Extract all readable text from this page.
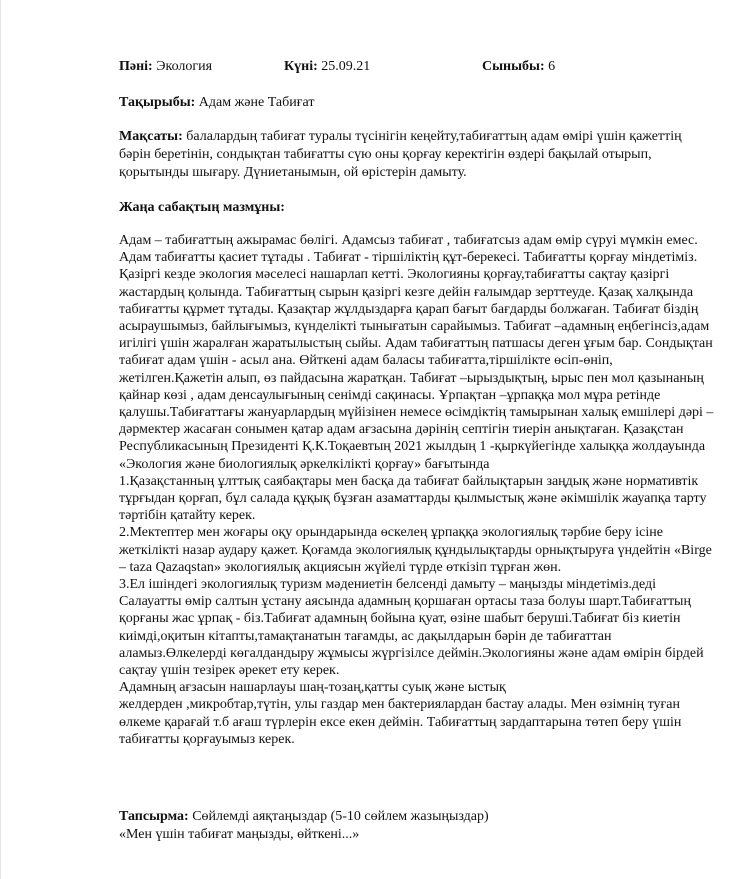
Пәні: Экология	Күні: 25.09.21	Сыныбы: 6
Тақырыбы: Адам және Табиғат
Мақсаты: балалардың табиғат туралы түсінігін кеңейту,табиғаттың адам өмірі үшін қажеттің бәрін беретінін, сондықтан табиғатты сүю оны қорғау керектігін өздері бақылай отырып, қорытынды шығару. Дүниетанымын, ой өрістерін дамыту.
Жаңа сабақтың мазмұны:

Адам – табиғаттың ажырамас бөлігі. Адамсыз табиғат , табиғатсыз адам өмір сүруі мүмкін емес. Адам табиғатты қасиет тұтады . Табиғат - тіршіліктің құт-берекесі. Табиғатты қорғау міндетіміз. Қазіргі кезде экология мәселесі нашарлап кетті. Экологияны қорғау,табиғатты сақтау қазіргі жастардың қолында. Табиғаттың сырын қазіргі кезге дейін ғалымдар зерттеуде. Қазақ халқында табиғатты құрмет тұтады. Қазақтар жұлдыздарға қарап бағыт бағдарды болжаған. Табиғат біздің асыраушымыз, байлығымыз, күнделікті тынығатын сарайымыз. Табиғат –адамның еңбегінсіз,адам игілігі үшін жаралған жаратылыстың сыйы. Адам табиғаттың патшасы деген ұғым бар. Сондықтан табиғат адам үшін - асыл ана. Өйткені адам баласы табиғатта,тіршілікте өсіп-өніп, жетілген.Қажетін алып, өз пайдасына жаратқан. Табиғат –ырыздықтың, ырыс пен мол қазынаның қайнар көзі , адам денсаулығының сенімді сақинасы. Ұрпақтан –ұрпаққа мол мұра ретінде қалушы.Табиғаттағы жануарлардың мүйізінен немесе өсімдіктің тамырынан халық емшілері дәрі – дәрмектер жасаған сонымен қатар адам ағзасына дәрінің септігін тиерін анықтаған. Қазақстан Республикасының Президенті Қ.К.Тоқаевтың 2021 жылдың 1 -қыркүйегінде халыққа жолдауында «Экология және биологиялық әркелкілікті қорғау» бағытында

1.Қазақстанның ұлттық саябақтары мен басқа да табиғат байлықтарын заңдық және нормативтік тұрғыдан қорғап, бұл салада құқық бұзған азаматтарды қылмыстық және әкімшілік жауапқа тарту тәртібін қатайту керек.

2.Мектептер мен жоғары оқу орындарында өскелең ұрпаққа экологиялық тәрбие беру ісіне жеткілікті назар аудару қажет. Қоғамда экологиялық құндылықтарды орнықтыруға үндейтін «Birge – taza Qazaqstan» экологиялық акциясын жүйелі түрде өткізіп тұрған жөн.

3.Ел ішіндегі экологиялық туризм мәдениетін белсенді дамыту – маңызды міндетіміз.деді

Салауатты өмір салтын ұстану аясында адамның қоршаған ортаcы таза болуы шарт.Табиғаттың қорғаны жас ұрпақ - біз.Табиғат адамның бойына қуат, өзіне шабыт беруші.Табиғат біз киетін киімді,оқитын кітапты,тамақтанатын тағамды, ас дақылдарын бәрін де табиғаттан аламыз.Өлкелерді көгалдандыру жұмысы жүргізілсе деймін.Экологияны және адам өмірін бірдей сақтау үшін тезірек әрекет ету керек.

Адамның ағзасын нашарлауы шаң-тозаң,қатты суық және ыстық

желдерден ,микробтар,түтін, улы газдар мен бактериялардан бастау алады. Мен өзімнің туған өлкеме қарағай т.б ағаш түрлерін ексе екен деймін. Табиғаттың зардаптарына төтеп беру үшін табиғатты қорғауымыз керек.

Тапсырма: Сөйлемді аяқтаңыздар (5-10 сөйлем жазыңыздар)

«Мен үшін табиғат маңызды, өйткені...»
